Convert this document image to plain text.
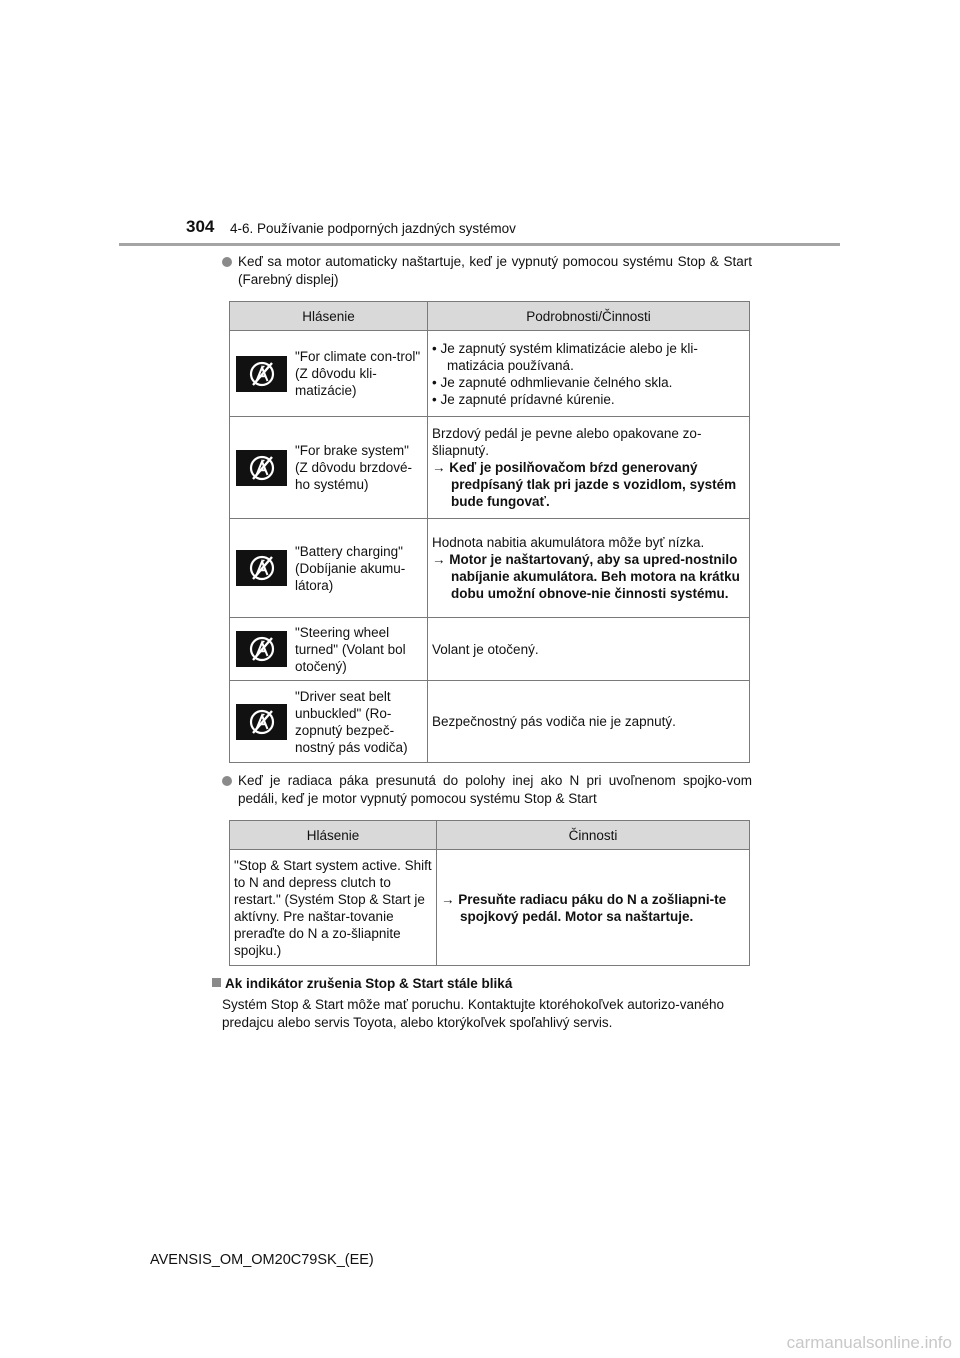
304 4-6. Používanie podporných jazdných systémov
Keď sa motor automaticky naštartuje, keď je vypnutý pomocou systému Stop & Start (Farebný displej)
Hlásenie		Podrobnosti/Činnosti

	"For climate con-trol" (Z dôvodu kli-matizácie)	• Je zapnutý systém klimatizácie alebo je kli-matizácia používaná.
• Je zapnuté odhmlievanie čelného skla.
• Je zapnuté prídavné kúrenie.

	"For brake system" (Z dôvodu brzdové-ho systému)	Brzdový pedál je pevne alebo opakovane zo-šliapnutý.
→ Keď je posilňovačom bŕzd generovaný predpísaný tlak pri jazde s vozidlom, systém bude fungovať.

	"Battery charging" (Dobíjanie akumu-látora)	Hodnota nabitia akumulátora môže byť nízka.
→ Motor je naštartovaný, aby sa upred-nostnilo nabíjanie akumulátora. Beh motora na krátku dobu umožní obnove-nie činnosti systému.

	"Steering wheel turned" (Volant bol otočený)	Volant je otočený.

	"Driver seat belt unbuckled" (Ro-zopnutý bezpeč-nostný pás vodiča)	Bezpečnostný pás vodiča nie je zapnutý.
Keď je radiaca páka presunutá do polohy inej ako N pri uvoľnenom spojko-vom pedáli, keď je motor vypnutý pomocou systému Stop & Start
Hlásenie	Činnosti
"Stop & Start system active. Shift to N and depress clutch to restart." (Systém Stop & Start je aktívny. Pre naštar-tovanie preraďte do N a zo-šliapnite spojku.)	→ Presuňte radiacu páku do N a zošliapni-te spojkový pedál. Motor sa naštartuje.
Ak indikátor zrušenia Stop & Start stále bliká
Systém Stop & Start môže mať poruchu. Kontaktujte ktoréhokoľvek autorizo-vaného predajcu alebo servis Toyota, alebo ktorýkoľvek spoľahlivý servis.
AVENSIS_OM_OM20C79SK_(EE)
carmanualsonline.info
